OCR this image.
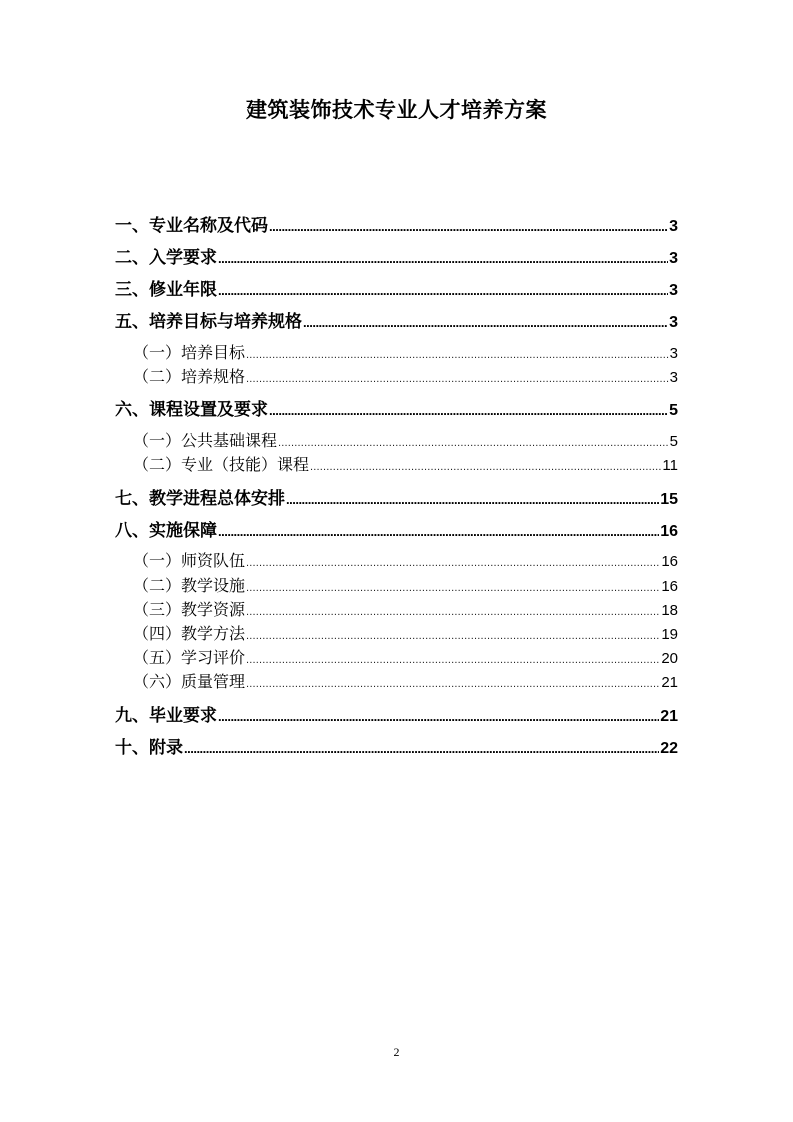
建筑装饰技术专业人才培养方案
一、专业名称及代码 .....	3
二、入学要求 .....	3
三、修业年限 .....	3
五、培养目标与培养规格 .....	3
（一）培养目标 .....	3
（二）培养规格 .....	3
六、课程设置及要求 .....	5
（一）公共基础课程 .....	5
（二）专业（技能）课程 .....	11
七、教学进程总体安排 .....	15
八、实施保障 .....	16
（一）师资队伍 .....	16
（二）教学设施 .....	16
（三）教学资源 .....	18
（四）教学方法 .....	19
（五）学习评价 .....	20
（六）质量管理 .....	21
九、毕业要求 .....	21
十、附录 .....	22
2
